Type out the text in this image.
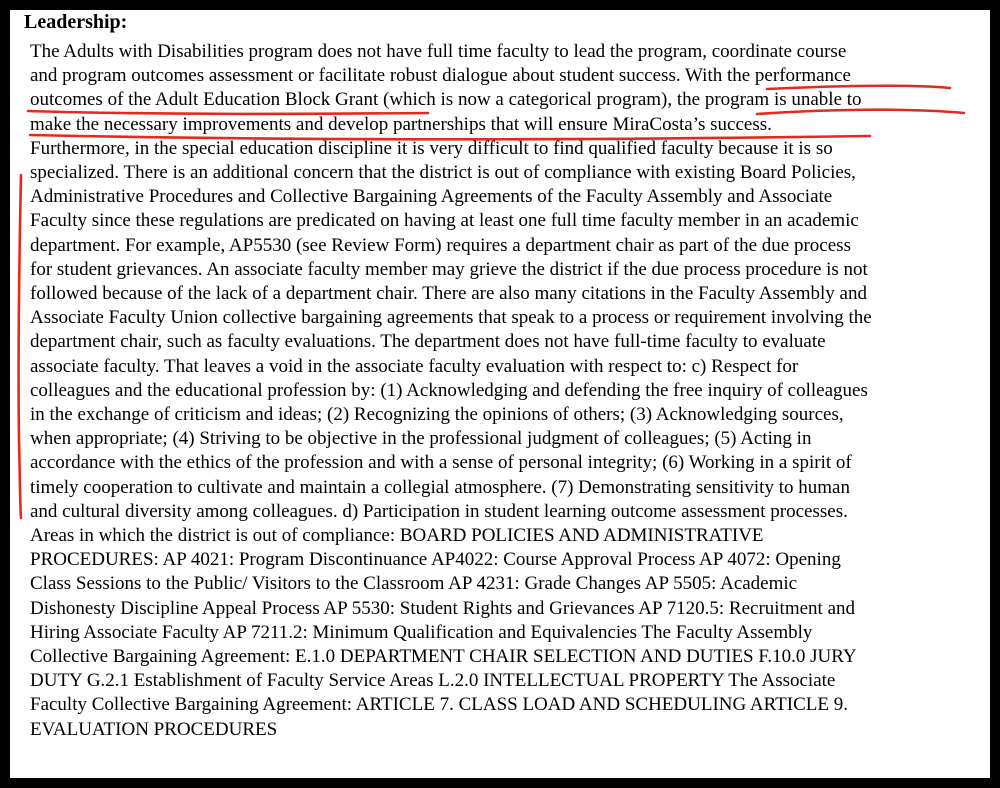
Leadership:
The Adults with Disabilities program does not have full time faculty to lead the program, coordinate course
and program outcomes assessment or facilitate robust dialogue about student success. With the performance
outcomes of the Adult Education Block Grant (which is now a categorical program), the program is unable to
make the necessary improvements and develop partnerships that will ensure MiraCosta’s success.
Furthermore, in the special education discipline it is very difficult to find qualified faculty because it is so
specialized. There is an additional concern that the district is out of compliance with existing Board Policies,
Administrative Procedures and Collective Bargaining Agreements of the Faculty Assembly and Associate
Faculty since these regulations are predicated on having at least one full time faculty member in an academic
department. For example, AP5530 (see Review Form) requires a department chair as part of the due process
for student grievances. An associate faculty member may grieve the district if the due process procedure is not
followed because of the lack of a department chair. There are also many citations in the Faculty Assembly and
Associate Faculty Union collective bargaining agreements that speak to a process or requirement involving the
department chair, such as faculty evaluations. The department does not have full-time faculty to evaluate
associate faculty. That leaves a void in the associate faculty evaluation with respect to: c) Respect for
colleagues and the educational profession by: (1) Acknowledging and defending the free inquiry of colleagues
in the exchange of criticism and ideas; (2) Recognizing the opinions of others; (3) Acknowledging sources,
when appropriate; (4) Striving to be objective in the professional judgment of colleagues; (5) Acting in
accordance with the ethics of the profession and with a sense of personal integrity; (6) Working in a spirit of
timely cooperation to cultivate and maintain a collegial atmosphere. (7) Demonstrating sensitivity to human
and cultural diversity among colleagues. d) Participation in student learning outcome assessment processes.
Areas in which the district is out of compliance: BOARD POLICIES AND ADMINISTRATIVE
PROCEDURES: AP 4021: Program Discontinuance AP4022: Course Approval Process AP 4072: Opening
Class Sessions to the Public/ Visitors to the Classroom AP 4231: Grade Changes AP 5505: Academic
Dishonesty Discipline Appeal Process AP 5530: Student Rights and Grievances AP 7120.5: Recruitment and
Hiring Associate Faculty AP 7211.2: Minimum Qualification and Equivalencies The Faculty Assembly
Collective Bargaining Agreement: E.1.0 DEPARTMENT CHAIR SELECTION AND DUTIES F.10.0 JURY
DUTY G.2.1 Establishment of Faculty Service Areas L.2.0 INTELLECTUAL PROPERTY The Associate
Faculty Collective Bargaining Agreement: ARTICLE 7. CLASS LOAD AND SCHEDULING ARTICLE 9.
EVALUATION PROCEDURES
